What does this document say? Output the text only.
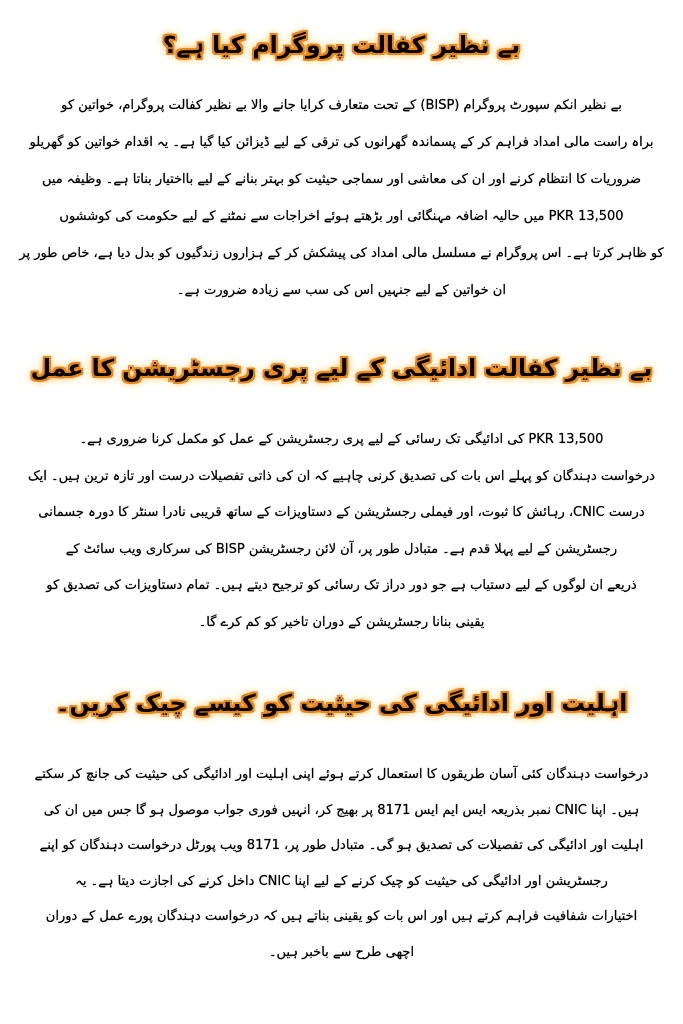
بے نظیر کفالت پروگرام کیا ہے؟
بے نظیر انکم سپورٹ پروگرام (BISP) کے تحت متعارف کرایا جانے والا بے نظیر کفالت پروگرام، خواتین کو
براہ راست مالی امداد فراہم کر کے پسماندہ گھرانوں کی ترقی کے لیے ڈیزائن کیا گیا ہے۔ یہ اقدام خواتین کو گھریلو
ضروریات کا انتظام کرنے اور ان کی معاشی اور سماجی حیثیت کو بہتر بنانے کے لیے بااختیار بناتا ہے۔ وظیفہ میں
PKR 13,500 میں حالیہ اضافہ مہنگائی اور بڑھتے ہوئے اخراجات سے نمٹنے کے لیے حکومت کی کوششوں
کو ظاہر کرتا ہے۔ اس پروگرام نے مسلسل مالی امداد کی پیشکش کر کے ہزاروں زندگیوں کو بدل دیا ہے، خاص طور پر
ان خواتین کے لیے جنہیں اس کی سب سے زیادہ ضرورت ہے۔
بے نظیر کفالت ادائیگی کے لیے پری رجسٹریشن کا عمل
PKR 13,500 کی ادائیگی تک رسائی کے لیے پری رجسٹریشن کے عمل کو مکمل کرنا ضروری ہے۔
درخواست دہندگان کو پہلے اس بات کی تصدیق کرنی چاہیے کہ ان کی ذاتی تفصیلات درست اور تازہ ترین ہیں۔ ایک
درست CNIC، رہائش کا ثبوت، اور فیملی رجسٹریشن کے دستاویزات کے ساتھ قریبی نادرا سنٹر کا دورہ جسمانی
رجسٹریشن کے لیے پہلا قدم ہے۔ متبادل طور پر، آن لائن رجسٹریشن BISP کی سرکاری ویب سائٹ کے
ذریعے ان لوگوں کے لیے دستیاب ہے جو دور دراز تک رسائی کو ترجیح دیتے ہیں۔ تمام دستاویزات کی تصدیق کو
یقینی بنانا رجسٹریشن کے دوران تاخیر کو کم کرے گا۔
اہلیت اور ادائیگی کی حیثیت کو کیسے چیک کریں۔
درخواست دہندگان کئی آسان طریقوں کا استعمال کرتے ہوئے اپنی اہلیت اور ادائیگی کی حیثیت کی جانچ کر سکتے
ہیں۔ اپنا CNIC نمبر بذریعہ ایس ایم ایس 8171 پر بھیج کر، انہیں فوری جواب موصول ہو گا جس میں ان کی
اہلیت اور ادائیگی کی تفصیلات کی تصدیق ہو گی۔ متبادل طور پر، 8171 ویب پورٹل درخواست دہندگان کو اپنے
رجسٹریشن اور ادائیگی کی حیثیت کو چیک کرنے کے لیے اپنا CNIC داخل کرنے کی اجازت دیتا ہے۔ یہ
اختیارات شفافیت فراہم کرتے ہیں اور اس بات کو یقینی بناتے ہیں کہ درخواست دہندگان پورے عمل کے دوران
اچھی طرح سے باخبر ہیں۔
